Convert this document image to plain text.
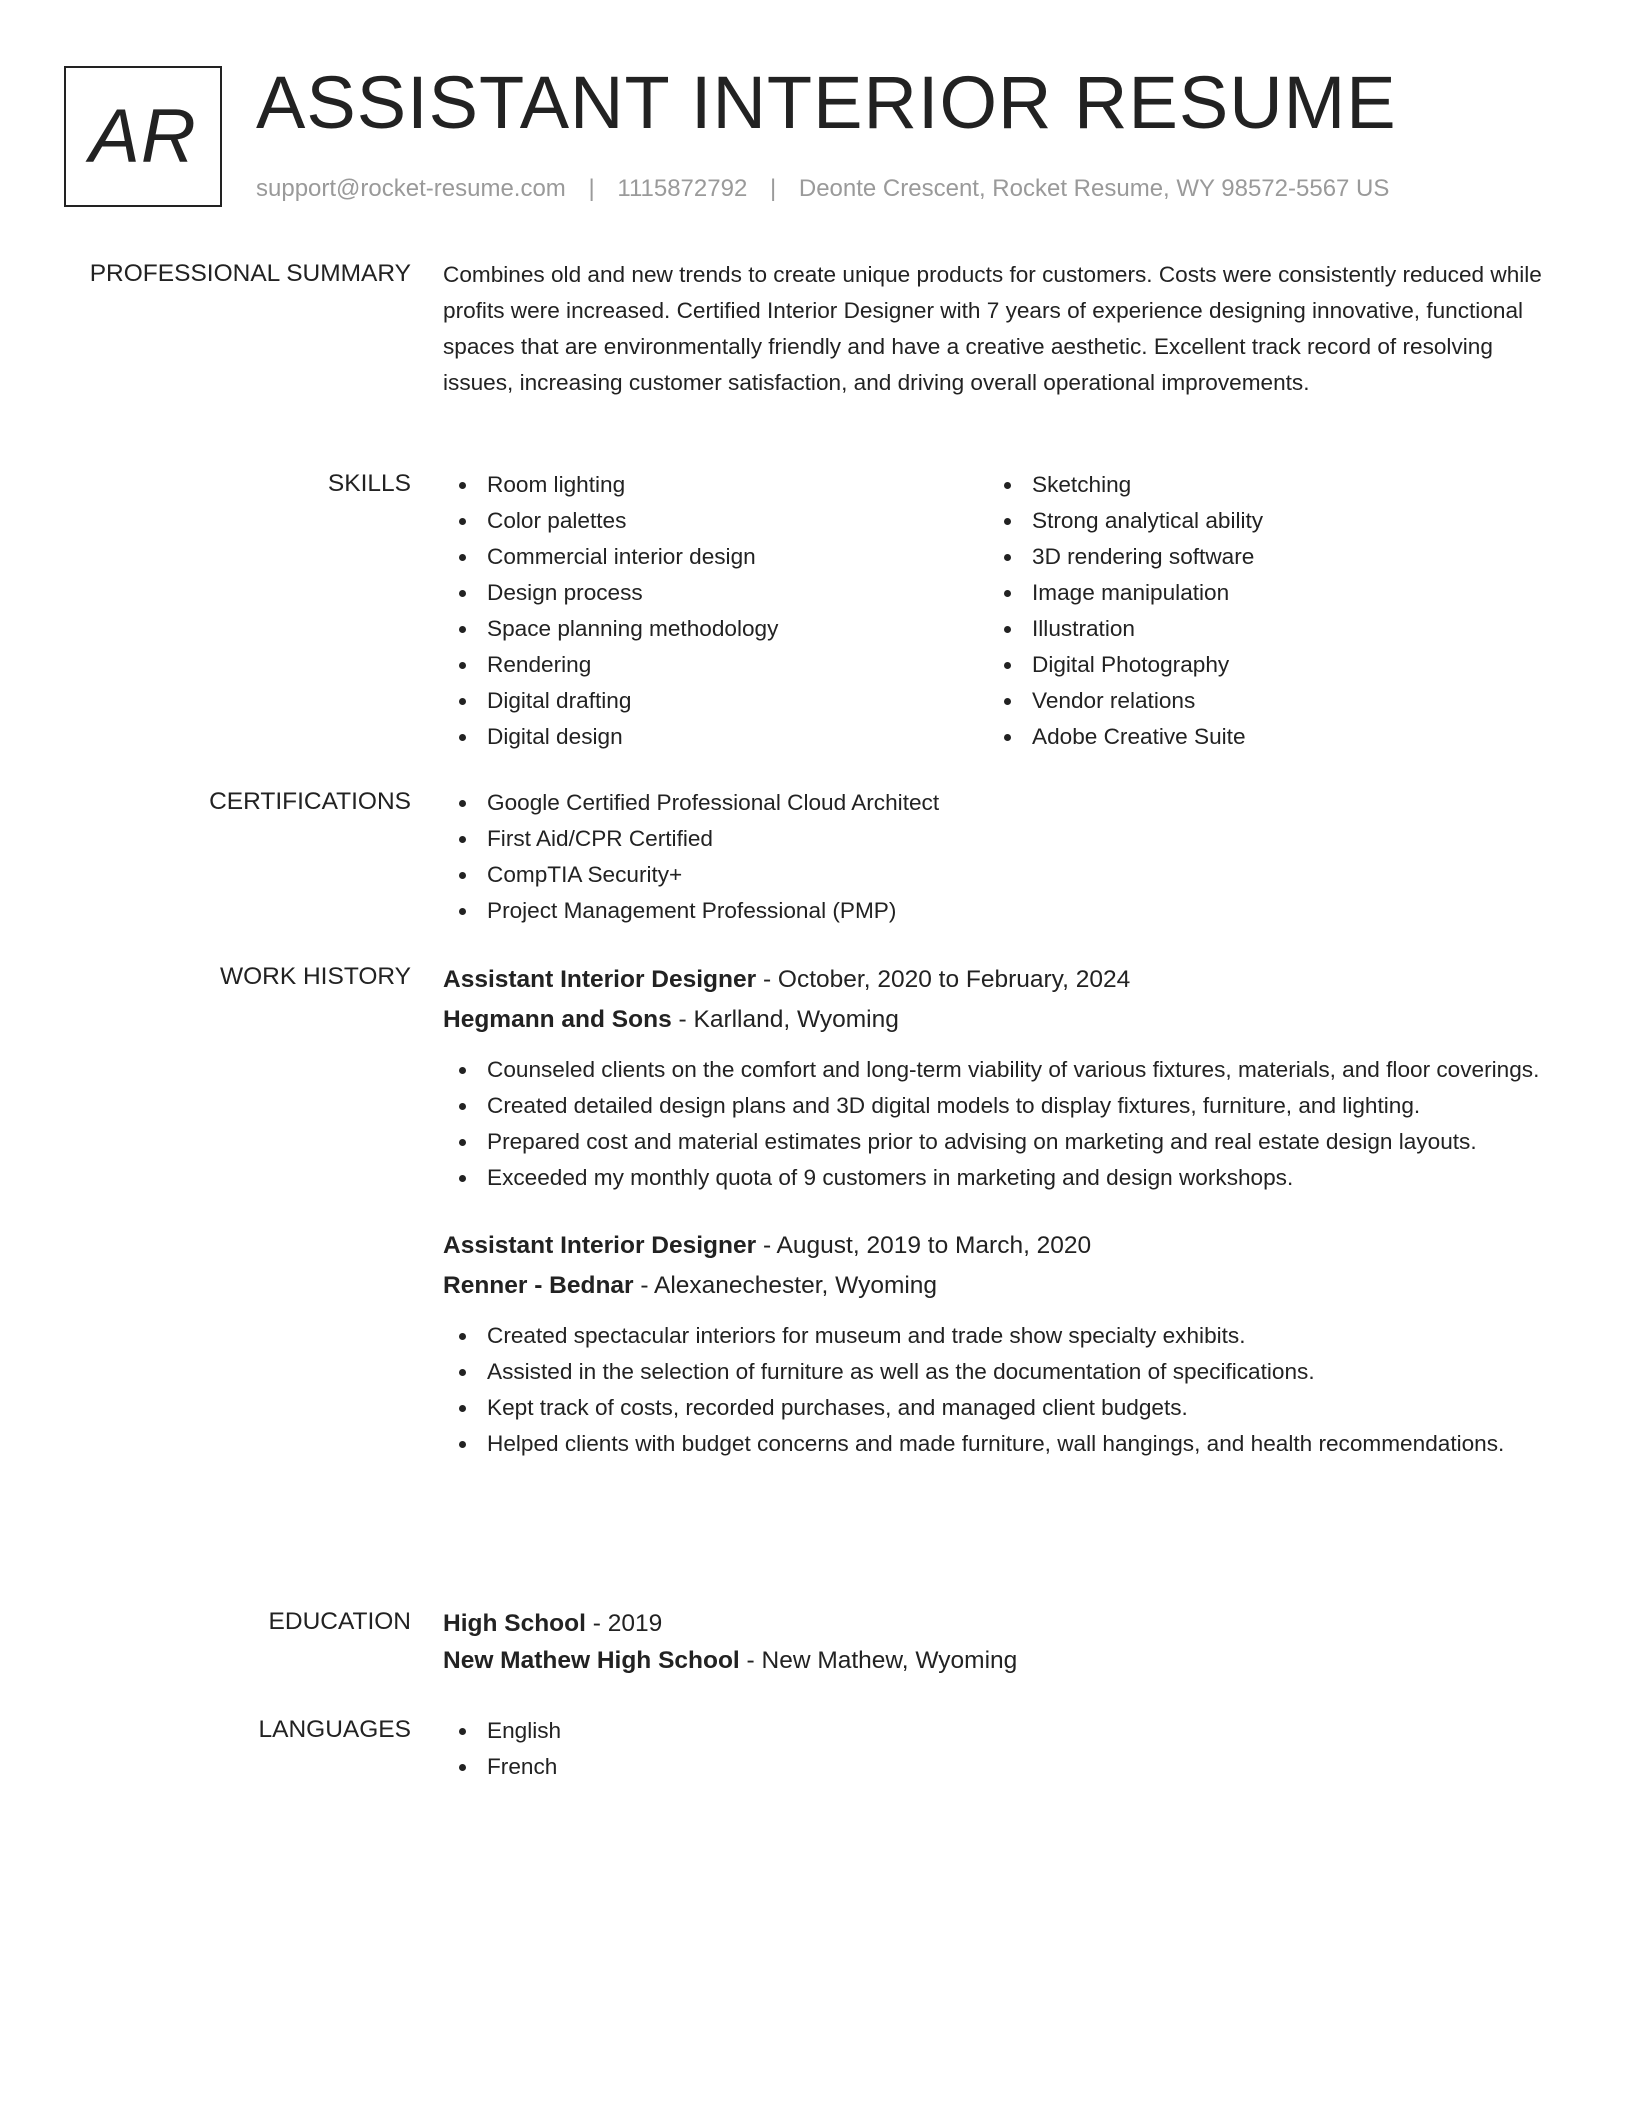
AR ASSISTANT INTERIOR RESUME
support@rocket-resume.com | 1115872792 | Deonte Crescent, Rocket Resume, WY 98572-5567 US
PROFESSIONAL SUMMARY Combines old and new trends to create unique products for customers. Costs were consistently reduced while profits were increased. Certified Interior Designer with 7 years of experience designing innovative, functional spaces that are environmentally friendly and have a creative aesthetic. Excellent track record of resolving issues, increasing customer satisfaction, and driving overall operational improvements.

SKILLS	Room lighting
Color palettes
Commercial interior design
Design process
Space planning methodology
Rendering
Digital drafting
Digital design
Sketching
Strong analytical ability
3D rendering software
Image manipulation
Illustration
Digital Photography
Vendor relations
Adobe Creative Suite
CERTIFICATIONS	Google Certified Professional Cloud Architect
First Aid/CPR Certified
CompTIA Security+
Project Management Professional (PMP)
WORK HISTORY Assistant Interior Designer - October, 2020 to February, 2024
Hegmann and Sons - Karlland, Wyoming
Counseled clients on the comfort and long-term viability of various fixtures, materials, and floor coverings.
Created detailed design plans and 3D digital models to display fixtures, furniture, and lighting.
Prepared cost and material estimates prior to advising on marketing and real estate design layouts.
Exceeded my monthly quota of 9 customers in marketing and design workshops.
Assistant Interior Designer - August, 2019 to March, 2020
Renner - Bednar - Alexanechester, Wyoming
Created spectacular interiors for museum and trade show specialty exhibits.
Assisted in the selection of furniture as well as the documentation of specifications.
Kept track of costs, recorded purchases, and managed client budgets.
Helped clients with budget concerns and made furniture, wall hangings, and health recommendations.
EDUCATION High School - 2019
New Mathew High School - New Mathew, Wyoming
LANGUAGES	English
French
